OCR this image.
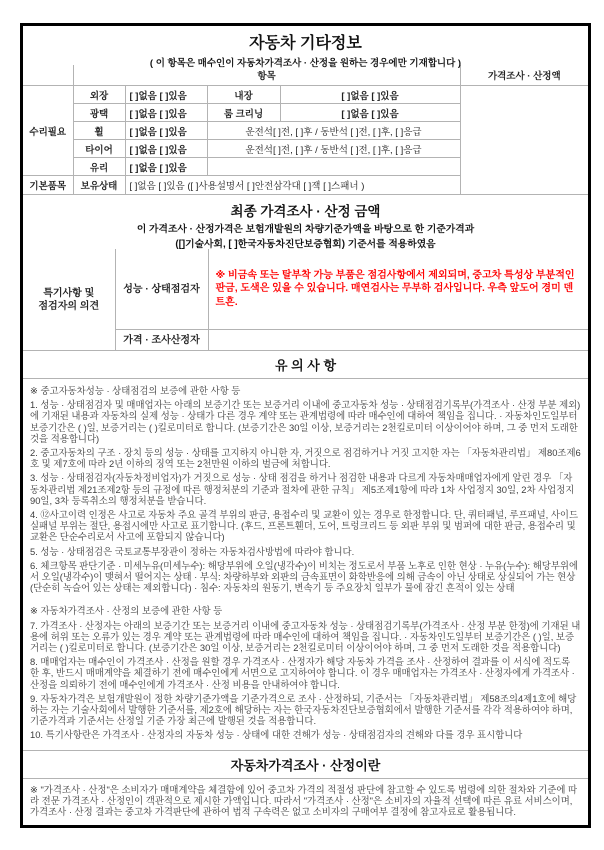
자동차 기타정보
( 이 항목은 매수인이 자동차가격조사 · 산정을 원하는 경우에만 기재합니다 )
	항목				가격조사 · 산정액
수리필요	외장	[ ]없음 [ ]있음	내장	[ ]없음 [ ]있음	
	광택	[ ]없음 [ ]있음	룸 크리닝	[ ]없음 [ ]있음	
	휠	[ ]없음 [ ]있음	운전석[ ]전, [ ]후 / 동반석 [ ]전, [ ]후, [ ]응급		
	타이어	[ ]없음 [ ]있음	운전석[ ]전, [ ]후 / 동반석 [ ]전, [ ]후, [ ]응급		
	유리	[ ]없음 [ ]있음			
기본품목	보유상태	[ ]없음 [ ]있음 ([ ]사용설명서 [ ]안전삼각대 [ ]잭 [ ]스패너 )			
최종 가격조사 · 산정 금액
이 가격조사 · 산정가격은 보험개발원의 차량기준가액을 바탕으로 한 기준가격과
([]기술사회, [ ]한국자동차진단보증협회) 기준서를 적용하였음
특기사항 및
점검자의 의견	성능 · 상태점검자	※ 비금속 또는 탈부착 가능 부품은 점검사항에서 제외되며, 중고차 특성상 부분적인 판금, 도색은 있을 수 있습니다. 매연검사는 무부하 검사입니다. 우측 앞도어 경미 덴트흔.
	가격 · 조사산정자	
유 의 사 항

※ 중고자동차성능 · 상태점검의 보증에 관한 사항 등

1. 성능 · 상태점검자 및 매매업자는 아래의 보증기간 또는 보증거리 이내에 중고자동차 성능 · 상태점검기록부(가격조사 · 산정 부분 제외)에 기재된 내용과 자동차의 실제 성능 · 상태가 다른 경우 계약 또는 관계법령에 따라 매수인에 대하여 책임을 집니다. · 자동차인도일부터 보증기간은 ( )일, 보증거리는 ( )킬로미터로 합니다. (보증기간은 30일 이상, 보증거리는 2천킬로미터 이상이어야 하며, 그 중 먼저 도래한 것을 적용합니다)

2. 중고자동차의 구조 · 장치 등의 성능 · 상태를 고지하지 아니한 자, 거짓으로 점검하거나 거짓 고지한 자는 「자동차관리법」 제80조제6호 및 제7호에 따라 2년 이하의 징역 또는 2천만원 이하의 벌금에 처합니다.

3. 성능 · 상태점검자(자동차정비업자)가 거짓으로 성능 · 상태 점검을 하거나 점검한 내용과 다르게 자동차매매업자에게 알린 경우 「자동차관리법 제21조제2항 등의 규정에 따른 행정처분의 기준과 절차에 관한 규칙」 제5조제1항에 따라 1차 사업정지 30일, 2차 사업정지 90일, 3차 등록취소의 행정처분을 받습니다.

4. ⑫사고이력 인정은 사고로 자동차 주요 골격 부위의 판금, 용접수리 및 교환이 있는 경우로 한정합니다. 단, 쿼터패널, 루프패널, 사이드실패널 부위는 절단, 용접시에만 사고로 표기합니다. (후드, 프론트휀더, 도어, 트렁크리드 등 외판 부위 및 범퍼에 대한 판금, 용접수리 및 교환은 단순수리로서 사고에 포함되지 않습니다)

5. 성능 · 상태점검은 국토교통부장관이 정하는 자동차검사방법에 따라야 합니다.

6. 체크항목 판단기준 · 미세누유(미세누수): 해당부위에 오일(냉각수)이 비치는 정도로서 부품 노후로 인한 현상 · 누유(누수): 해당부위에서 오일(냉각수)이 맺혀서 떨어지는 상태 · 부식: 차량하부와 외판의 금속표면이 화학반응에 의해 금속이 아닌 상태로 상실되어 가는 현상(단순히 녹슬어 있는 상태는 제외합니다) · 침수: 자동차의 원동기, 변속기 등 주요장치 일부가 물에 잠긴 흔적이 있는 상태

※ 자동차가격조사 · 산정의 보증에 관한 사항 등

7. 가격조사 · 산정자는 아래의 보증기간 또는 보증거리 이내에 중고자동차 성능 · 상태점검기록부(가격조사 · 산정 부분 한정)에 기재된 내용에 허위 또는 오류가 있는 경우 계약 또는 관계법령에 따라 매수인에 대하여 책임을 집니다. · 자동차인도일부터 보증기간은 ( )일, 보증거리는 ( )킬로미터로 합니다. (보증기간은 30일 이상, 보증거리는 2천킬로미터 이상이어야 하며, 그 중 먼저 도래한 것을 적용합니다)

8. 매매업자는 매수인이 가격조사 · 산정을 원할 경우 가격조사 · 산정자가 해당 자동차 가격을 조사 · 산정하여 결과를 이 서식에 적도록 한 후, 반드시 매매계약을 체결하기 전에 매수인에게 서면으로 고지하여야 합니다. 이 경우 매매업자는 가격조사 · 산정자에게 가격조사 · 산정을 의뢰하기 전에 매수인에게 가격조사 · 산정 비용을 안내하여야 합니다.

9. 자동차가격은 보험개발원이 정한 차량기준가액을 기준가격으로 조사 · 산정하되, 기준서는 「자동차관리법」 제58조의4제1호에 해당하는 자는 기술사회에서 발행한 기준서를, 제2호에 해당하는 자는 한국자동차진단보증협회에서 발행한 기준서를 각각 적용하여야 하며, 기준가격과 기준서는 산정일 기준 가장 최근에 발행된 것을 적용합니다.

10. 특기사항란은 가격조사 · 산정자의 자동차 성능 · 상태에 대한 견해가 성능 · 상태점검자의 견해와 다를 경우 표시합니다

자동차가격조사 · 산정이란
※ "가격조사 · 산정"은 소비자가 매매계약을 체결함에 있어 중고차 가격의 적절성 판단에 참고할 수 있도록 법령에 의한 절차와 기준에 따라 전문 가격조사 · 산정인이 객관적으로 제시한 가액입니다. 따라서 "가격조사 · 산정"은 소비자의 자율적 선택에 따른 유료 서비스이며, 가격조사 · 산정 결과는 중고차 가격판단에 관하여 법적 구속력은 없고 소비자의 구매여부 결정에 참고자료로 활용됩니다.
